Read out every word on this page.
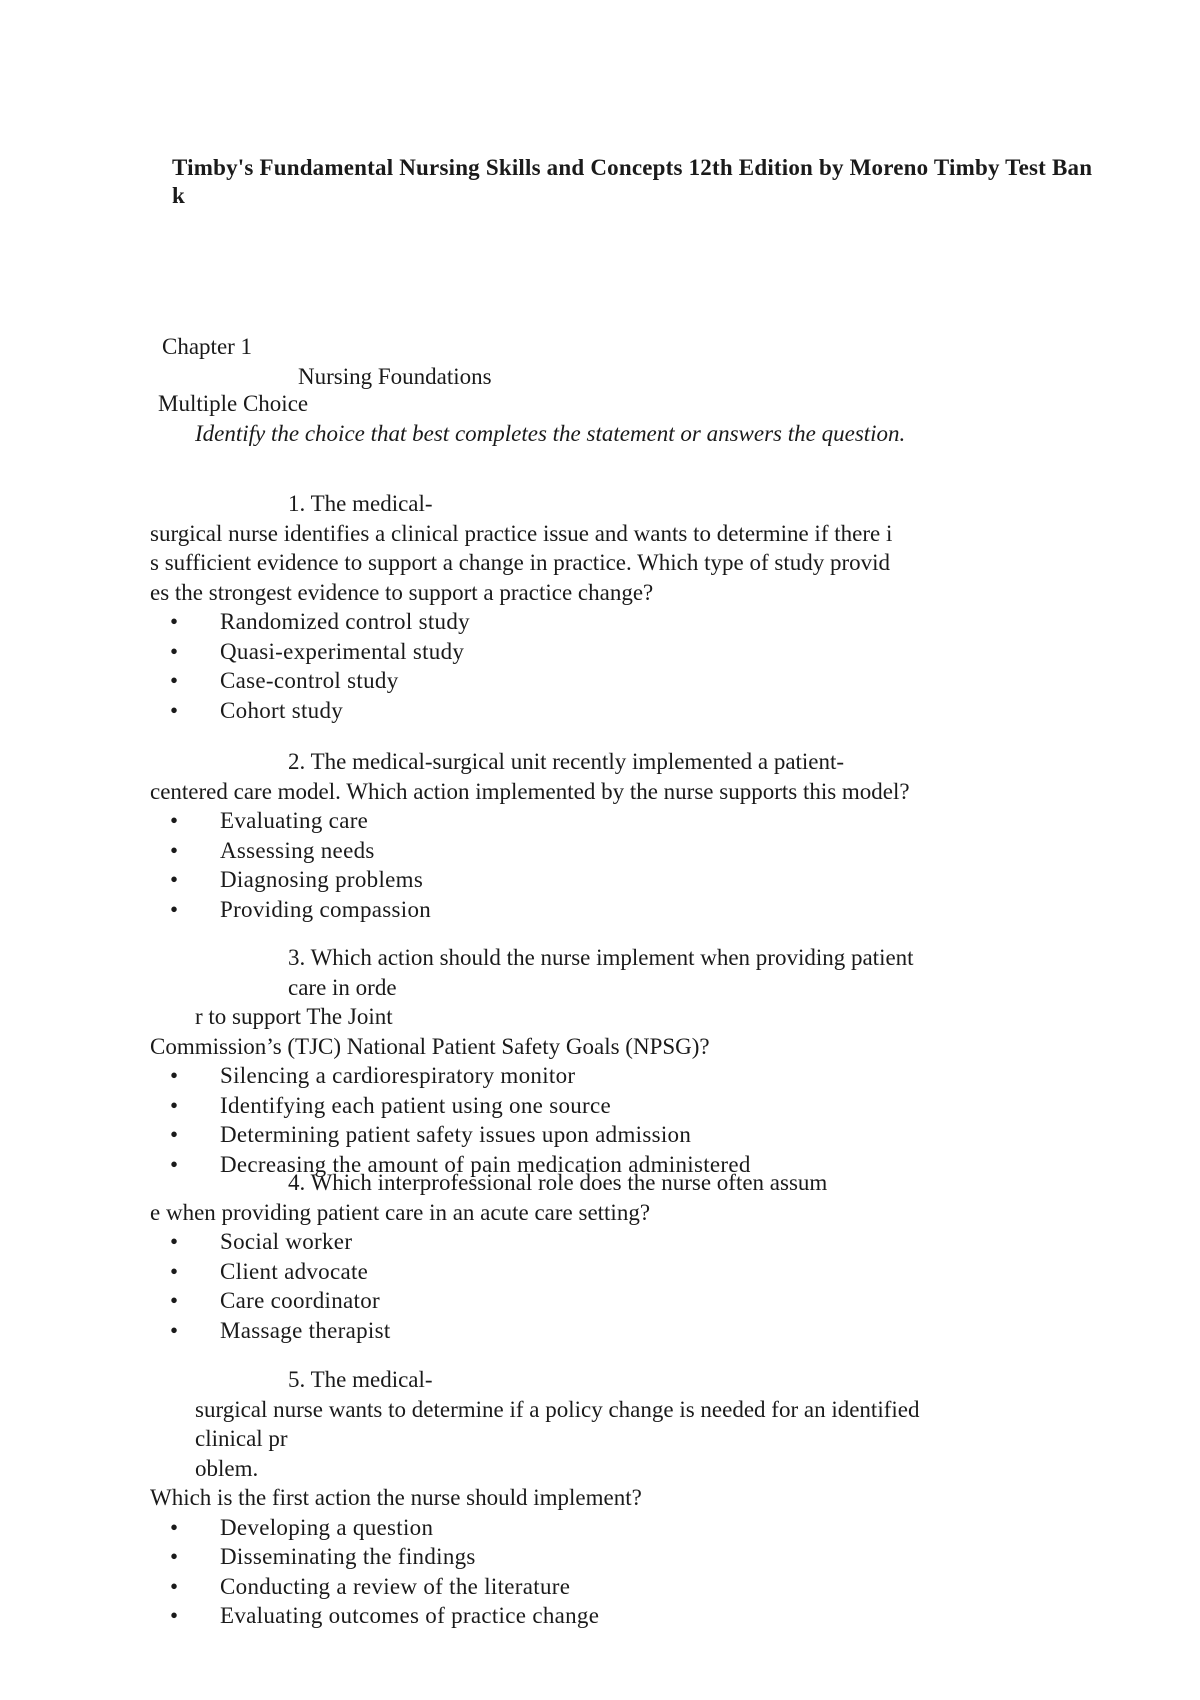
Timby's Fundamental Nursing Skills and Concepts 12th Edition by Moreno Timby Test Bank
Chapter 1
Nursing Foundations
Multiple Choice
Identify the choice that best completes the statement or answers the question.
1. The medical-
surgical nurse identifies a clinical practice issue and wants to determine if there i
s sufficient evidence to support a change in practice. Which type of study provid
es the strongest evidence to support a practice change?
• Randomized control study
• Quasi-experimental study
• Case-control study
• Cohort study
2. The medical-surgical unit recently implemented a patient-
centered care model. Which action implemented by the nurse supports this model?
• Evaluating care
• Assessing needs
• Diagnosing problems
• Providing compassion
3. Which action should the nurse implement when providing patient care in orde
r to support The Joint
Commission’s (TJC) National Patient Safety Goals (NPSG)?
• Silencing a cardiorespiratory monitor
• Identifying each patient using one source
• Determining patient safety issues upon admission
• Decreasing the amount of pain medication administered
4. Which interprofessional role does the nurse often assum
e when providing patient care in an acute care setting?
• Social worker
• Client advocate
• Care coordinator
• Massage therapist
5. The medical-
surgical nurse wants to determine if a policy change is needed for an identified clinical pr
oblem.
Which is the first action the nurse should implement?
• Developing a question
• Disseminating the findings
• Conducting a review of the literature
• Evaluating outcomes of practice change
